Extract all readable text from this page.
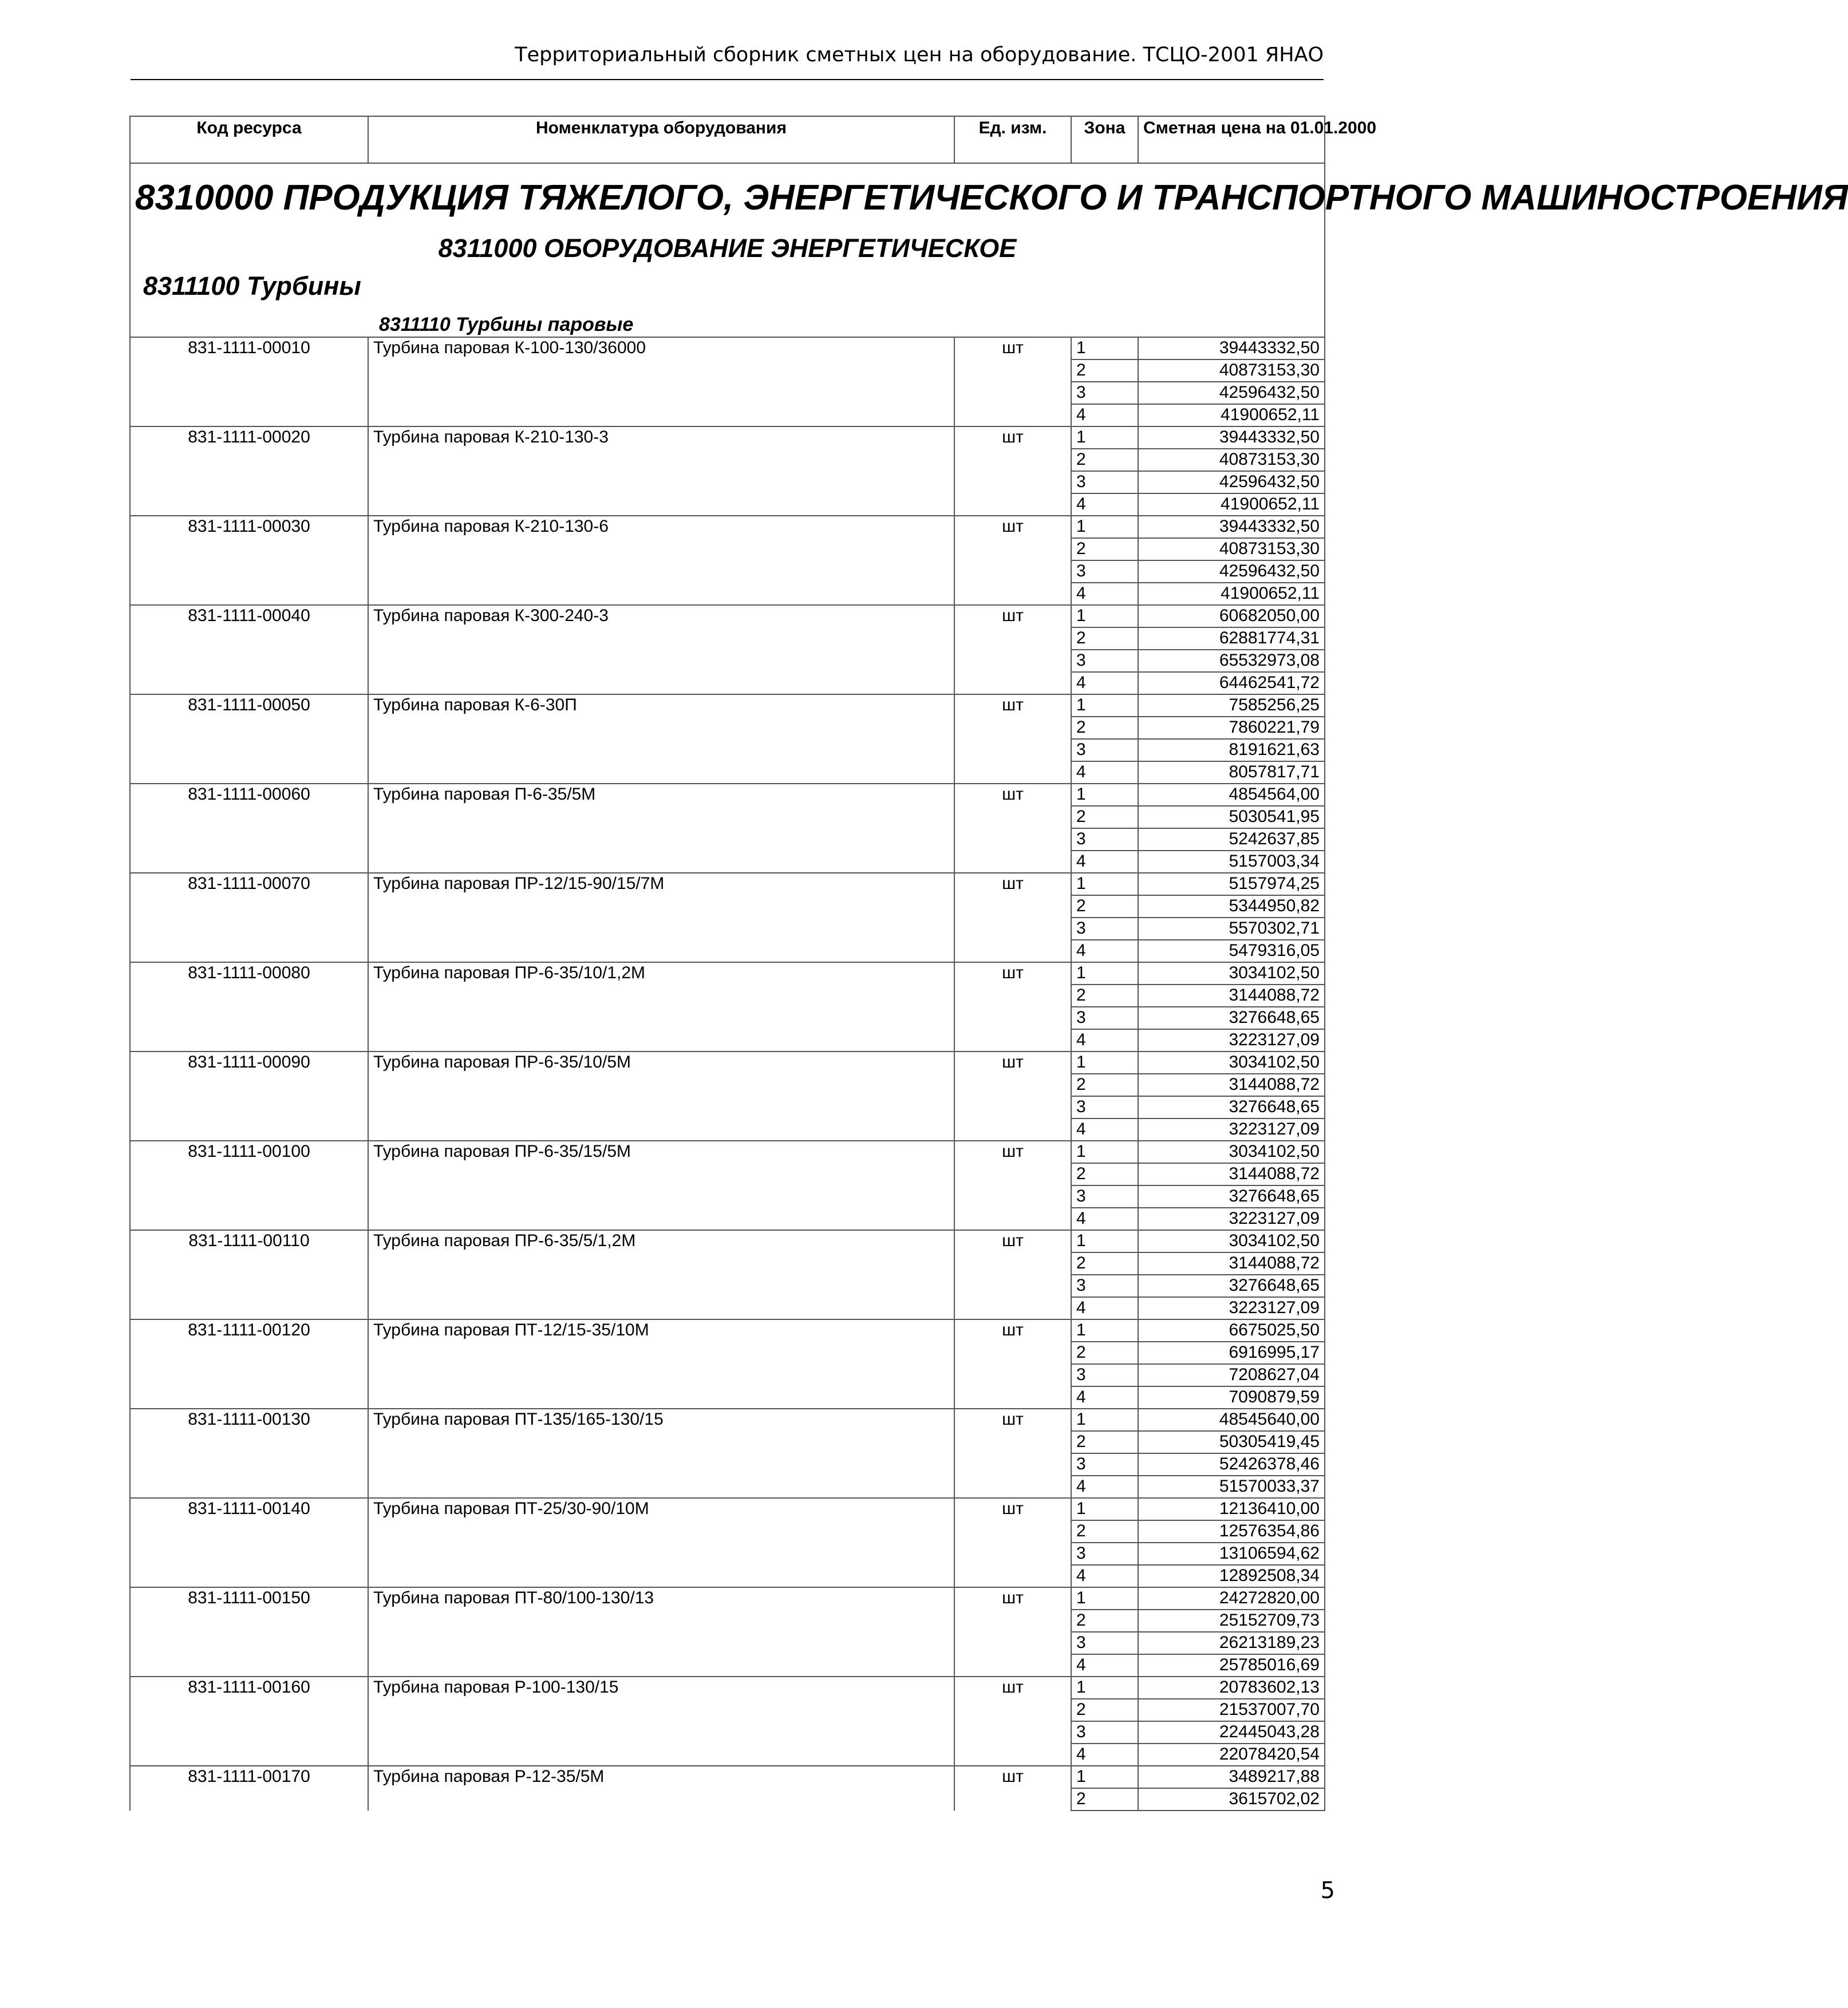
Территориальный сборник сметных цен на оборудование. ТСЦО-2001 ЯНАО
Код ресурса	Номенклатура оборудования	Ед. изм.	Зона	Сметная цена на 01.01.2000

8310000 ПРОДУКЦИЯ ТЯЖЕЛОГО, ЭНЕРГЕТИЧЕСКОГО И ТРАНСПОРТНОГО МАШИНОСТРОЕНИЯ
8311000 ОБОРУДОВАНИЕ ЭНЕРГЕТИЧЕСКОЕ
8311100 Турбины
8311110 Турбины паровые				

831-1111-00010	Турбина паровая К-100-130/36000	шт	1	39443332,50
			2	40873153,30
			3	42596432,50
			4	41900652,11
831-1111-00020	Турбина паровая К-210-130-3	шт	1	39443332,50
			2	40873153,30
			3	42596432,50
			4	41900652,11
831-1111-00030	Турбина паровая К-210-130-6	шт	1	39443332,50
			2	40873153,30
			3	42596432,50
			4	41900652,11
831-1111-00040	Турбина паровая К-300-240-3	шт	1	60682050,00
			2	62881774,31
			3	65532973,08
			4	64462541,72
831-1111-00050	Турбина паровая К-6-30П	шт	1	7585256,25
			2	7860221,79
			3	8191621,63
			4	8057817,71
831-1111-00060	Турбина паровая П-6-35/5М	шт	1	4854564,00
			2	5030541,95
			3	5242637,85
			4	5157003,34
831-1111-00070	Турбина паровая ПР-12/15-90/15/7М	шт	1	5157974,25
			2	5344950,82
			3	5570302,71
			4	5479316,05
831-1111-00080	Турбина паровая ПР-6-35/10/1,2М	шт	1	3034102,50
			2	3144088,72
			3	3276648,65
			4	3223127,09
831-1111-00090	Турбина паровая ПР-6-35/10/5М	шт	1	3034102,50
			2	3144088,72
			3	3276648,65
			4	3223127,09
831-1111-00100	Турбина паровая ПР-6-35/15/5М	шт	1	3034102,50
			2	3144088,72
			3	3276648,65
			4	3223127,09
831-1111-00110	Турбина паровая ПР-6-35/5/1,2М	шт	1	3034102,50
			2	3144088,72
			3	3276648,65
			4	3223127,09
831-1111-00120	Турбина паровая ПТ-12/15-35/10М	шт	1	6675025,50
			2	6916995,17
			3	7208627,04
			4	7090879,59
831-1111-00130	Турбина паровая ПТ-135/165-130/15	шт	1	48545640,00
			2	50305419,45
			3	52426378,46
			4	51570033,37
831-1111-00140	Турбина паровая ПТ-25/30-90/10М	шт	1	12136410,00
			2	12576354,86
			3	13106594,62
			4	12892508,34
831-1111-00150	Турбина паровая ПТ-80/100-130/13	шт	1	24272820,00
			2	25152709,73
			3	26213189,23
			4	25785016,69
831-1111-00160	Турбина паровая Р-100-130/15	шт	1	20783602,13
			2	21537007,70
			3	22445043,28
			4	22078420,54
831-1111-00170	Турбина паровая Р-12-35/5М	шт	1	3489217,88
			2	3615702,02
5
